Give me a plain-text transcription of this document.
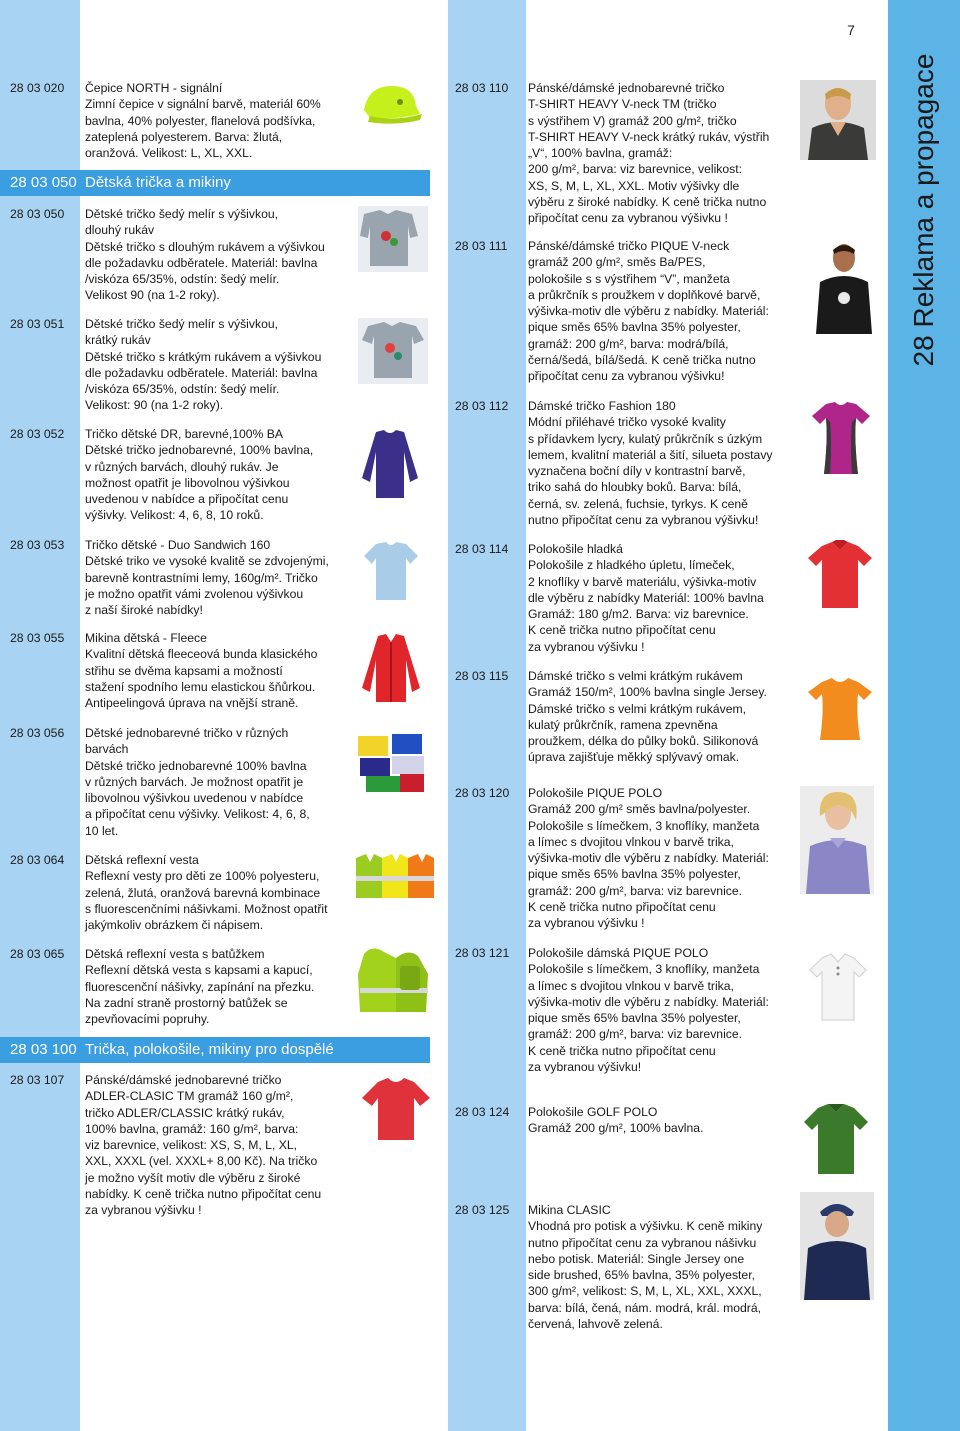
28 Reklama a propagace
7
28 03 050 Dětská trička a mikiny
28 03 100 Trička, polokošile, mikiny pro dospělé
28 03 020 Čepice NORTH - signální
Zimní čepice v signální barvě, materiál 60%
bavlna, 40% polyester, flanelová podšívka,
zateplená polyesterem. Barva: žlutá,
oranžová. Velikost: L, XL, XXL.
28 03 050 Dětské tričko šedý melír s výšivkou,
dlouhý rukáv
Dětské tričko s dlouhým rukávem a výšivkou
dle požadavku odběratele. Materiál: bavlna
/viskóza 65/35%, odstín: šedý melír.
Velikost 90 (na 1-2 roky).
28 03 051 Dětské tričko šedý melír s výšivkou,
krátký rukáv
Dětské tričko s krátkým rukávem a výšivkou
dle požadavku odběratele. Materiál: bavlna
/viskóza 65/35%, odstín: šedý melír.
Velikost: 90 (na 1-2 roky).
28 03 052 Tričko dětské DR, barevné,100% BA
Dětské tričko jednobarevné, 100% bavlna,
v různých barvách, dlouhý rukáv. Je
možnost opatřit je libovolnou výšivkou
uvedenou v nabídce a připočítat cenu
výšivky. Velikost: 4, 6, 8, 10 roků.
28 03 053 Tričko dětské - Duo Sandwich 160
Dětské triko ve vysoké kvalitě se zdvojenými,
barevně kontrastními lemy, 160g/m². Tričko
je možno opatřit vámi zvolenou výšivkou
z naší široké nabídky!
28 03 055 Mikina dětská - Fleece
Kvalitní dětská fleeceová bunda klasického
střihu se dvěma kapsami a možností
stažení spodního lemu elastickou šňůrkou.
Antipeelingová úprava na vnější straně.
28 03 056 Dětské jednobarevné tričko v různých
barvách
Dětské tričko jednobarevné 100% bavlna
v různých barvách. Je možnost opatřit je
libovolnou výšivkou uvedenou v nabídce
a připočítat cenu výšivky. Velikost: 4, 6, 8,
10 let.
28 03 064 Dětská reflexní vesta
Reflexní vesty pro děti ze 100% polyesteru,
zelená, žlutá, oranžová barevná kombinace
s fluorescenčními nášivkami. Možnost opatřit
jakýmkoliv obrázkem či nápisem.
28 03 065 Dětská reflexní vesta s batůžkem
Reflexní dětská vesta s kapsami a kapucí,
fluorescenční nášivky, zapínání na přezku.
Na zadní straně prostorný batůžek se
zpevňovacími popruhy.
28 03 107 Pánské/dámské jednobarevné tričko
ADLER-CLASIC TM gramáž 160 g/m²,
tričko ADLER/CLASSIC krátký rukáv,
100% bavlna, gramáž: 160 g/m², barva:
viz barevnice, velikost: XS, S, M, L, XL,
XXL, XXXL (vel. XXXL+ 8,00 Kč). Na tričko
je možno vyšít motiv dle výběru z široké
nabídky. K ceně trička nutno připočítat cenu
za vybranou výšivku !
28 03 110 Pánské/dámské jednobarevné tričko
T-SHIRT HEAVY V-neck TM (tričko
s výstřihem V) gramáž 200 g/m², tričko
T-SHIRT HEAVY V-neck krátký rukáv, výstřih
„V“, 100% bavlna, gramáž:
200 g/m², barva: viz barevnice, velikost:
XS, S, M, L, XL, XXL. Motiv výšivky dle
výběru z široké nabídky. K ceně trička nutno
připočítat cenu za vybranou výšivku !
28 03 111 Pánské/dámské tričko PIQUE V-neck
gramáž 200 g/m², směs Ba/PES,
polokošile s s výstřihem “V”, manžeta
a průkrčník s proužkem v doplňkové barvě,
výšivka-motiv dle výběru z nabídky. Materiál:
pique směs 65% bavlna 35% polyester,
gramáž: 200 g/m², barva: modrá/bílá,
černá/šedá, bílá/šedá. K ceně trička nutno
připočítat cenu za vybranou výšivku!
28 03 112 Dámské tričko Fashion 180
Módní přiléhavé tričko vysoké kvality
s přídavkem lycry, kulatý průkrčník s úzkým
lemem, kvalitní materiál a šití, silueta postavy
vyznačena boční díly v kontrastní barvě,
triko sahá do hloubky boků. Barva: bílá,
černá, sv. zelená, fuchsie, tyrkys. K ceně
nutno připočítat cenu za vybranou výšivku!
28 03 114 Polokošile hladká
Polokošile z hladkého úpletu, límeček,
2 knoflíky v barvě materiálu, výšivka-motiv
dle výběru z nabídky Materiál: 100% bavlna
Gramáž: 180 g/m2. Barva: viz barevnice.
K ceně trička nutno připočítat cenu
za vybranou výšivku !
28 03 115 Dámské tričko s velmi krátkým rukávem
Gramáž 150/m², 100% bavlna single Jersey.
Dámské tričko s velmi krátkým rukávem,
kulatý průkrčník, ramena zpevněna
proužkem, délka do půlky boků. Silikonová
úprava zajišťuje měkký splývavý omak.
28 03 120 Polokošile PIQUE POLO
Gramáž 200 g/m² směs bavlna/polyester.
Polokošile s límečkem, 3 knoflíky, manžeta
a límec s dvojitou vlnkou v barvě trika,
výšivka-motiv dle výběru z nabídky. Materiál:
pique směs 65% bavlna 35% polyester,
gramáž: 200 g/m², barva: viz barevnice.
K ceně trička nutno připočítat cenu
za vybranou výšivku !
28 03 121 Polokošile dámská PIQUE POLO
Polokošile s límečkem, 3 knoflíky, manžeta
a límec s dvojitou vlnkou v barvě trika,
výšivka-motiv dle výběru z nabídky. Materiál:
pique směs 65% bavlna 35% polyester,
gramáž: 200 g/m², barva: viz barevnice.
K ceně trička nutno připočítat cenu
za vybranou výšivku!
28 03 124 Polokošile GOLF POLO
Gramáž 200 g/m², 100% bavlna.
28 03 125 Mikina CLASIC
Vhodná pro potisk a výšivku. K ceně mikiny
nutno připočítat cenu za vybranou nášivku
nebo potisk. Materiál: Single Jersey one
side brushed, 65% bavlna, 35% polyester,
300 g/m², velikost: S, M, L, XL, XXL, XXXL,
barva: bílá, čená, nám. modrá, král. modrá,
červená, lahvově zelená.
